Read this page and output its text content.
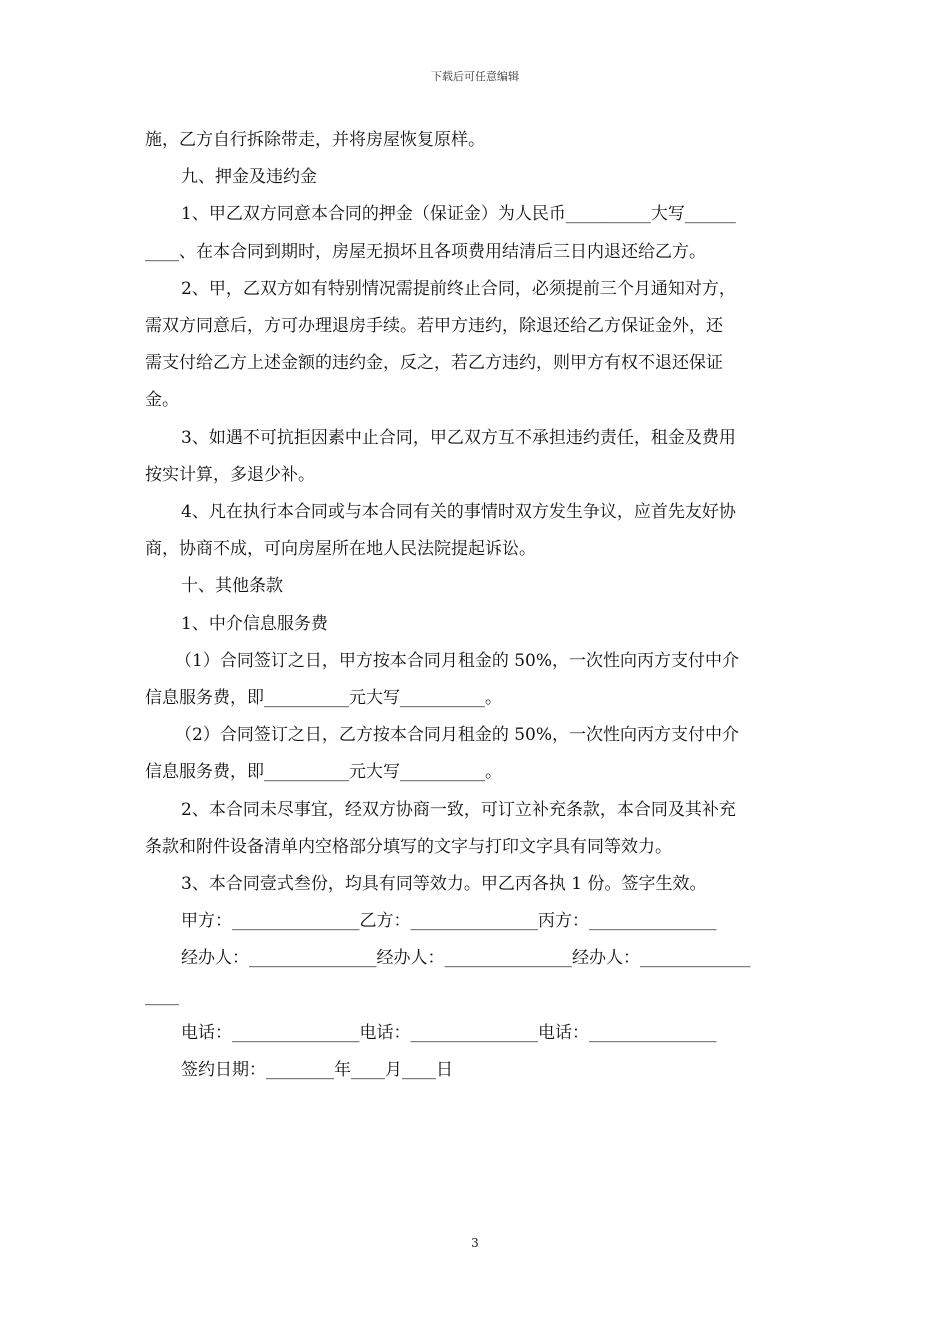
下载后可任意编辑

施，乙方自行拆除带走，并将房屋恢复原样。

九、押金及违约金

1、甲乙双方同意本合同的押金（保证金）为人民币__________大写______

____、在本合同到期时，房屋无损坏且各项费用结清后三日内退还给乙方。

2、甲，乙双方如有特别情况需提前终止合同，必须提前三个月通知对方，

需双方同意后，方可办理退房手续。若甲方违约，除退还给乙方保证金外，还

需支付给乙方上述金额的违约金，反之，若乙方违约，则甲方有权不退还保证

金。

3、如遇不可抗拒因素中止合同，甲乙双方互不承担违约责任，租金及费用

按实计算，多退少补。

4、凡在执行本合同或与本合同有关的事情时双方发生争议，应首先友好协

商，协商不成，可向房屋所在地人民法院提起诉讼。

十、其他条款

1、中介信息服务费

（1）合同签订之日，甲方按本合同月租金的 50%，一次性向丙方支付中介

信息服务费，即__________元大写__________。

（2）合同签订之日，乙方按本合同月租金的 50%，一次性向丙方支付中介

信息服务费，即__________元大写__________。

2、本合同未尽事宜，经双方协商一致，可订立补充条款，本合同及其补充

条款和附件设备清单内空格部分填写的文字与打印文字具有同等效力。

3、本合同壹式叁份，均具有同等效力。甲乙丙各执 1 份。签字生效。

甲方：_______________乙方：_______________丙方：_______________

经办人：_______________经办人：_______________经办人：_____________

____

电话：_______________电话：_______________电话：_______________

签约日期：________年____月____日

3
